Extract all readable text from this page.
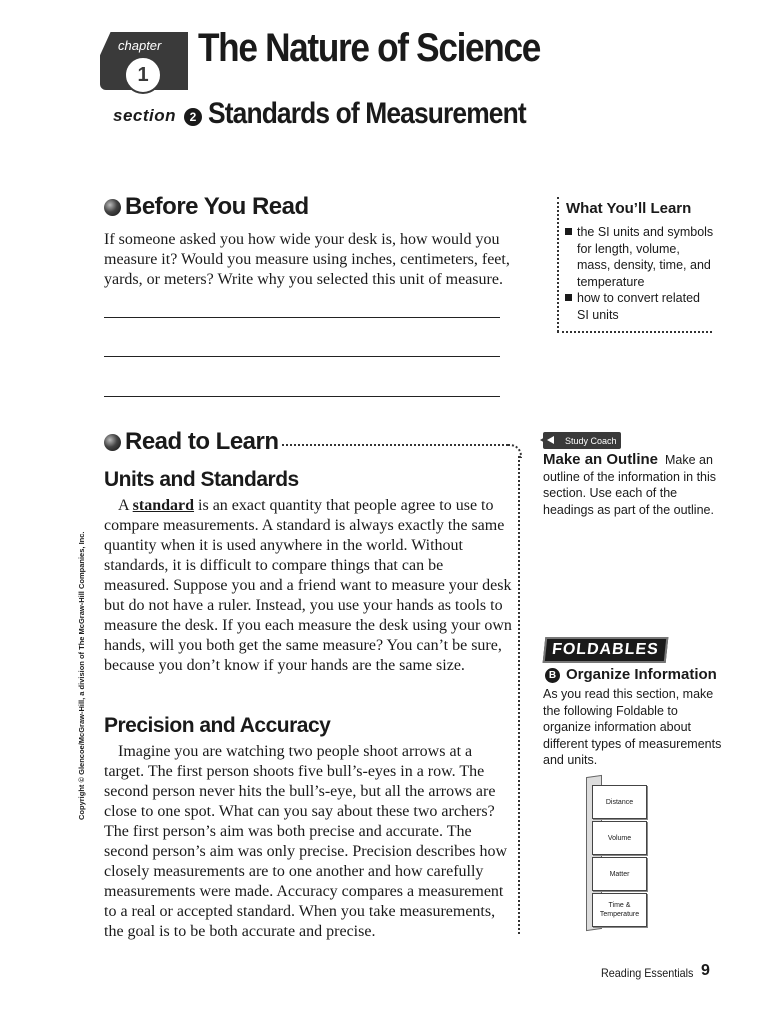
chapter
1
The Nature of Science
section	2 Standards of Measurement
Before You Read
If someone asked you how wide your desk is, how would you measure it? Would you measure using inches, centimeters, feet, yards, or meters? Write why you selected this unit of measure.
What You’ll Learn
the SI units and symbols for length, volume, mass, density, time, and temperature
how to convert related SI units
Read to Learn
Units and Standards
A standard is an exact quantity that people agree to use to compare measurements. A standard is always exactly the same quantity when it is used anywhere in the world. Without standards, it is difficult to compare things that can be measured. Suppose you and a friend want to measure your desk but do not have a ruler. Instead, you use your hands as tools to measure the desk. If you each measure the desk using your own hands, will you both get the same measure? You can’t be sure, because you don’t know if your hands are the same size.
Precision and Accuracy
Imagine you are watching two people shoot arrows at a target. The first person shoots five bull’s-eyes in a row. The second person never hits the bull’s-eye, but all the arrows are close to one spot. What can you say about these two archers? The first person’s aim was both precise and accurate. The second person’s aim was only precise. Precision describes how closely measurements are to one another and how carefully measurements were made. Accuracy compares a measurement to a real or accepted standard. When you take measurements, the goal is to be both accurate and precise.
Study Coach
Make an Outline Make an outline of the information in this section. Use each of the headings as part of the outline.
FOLDABLES
B Organize Information
As you read this section, make the following Foldable to organize information about different types of measurements and units.
Distance
Volume
Matter
Time & Temperature
Copyright © Glencoe/McGraw-Hill, a division of The McGraw-Hill Companies, Inc.
Reading Essentials 9
